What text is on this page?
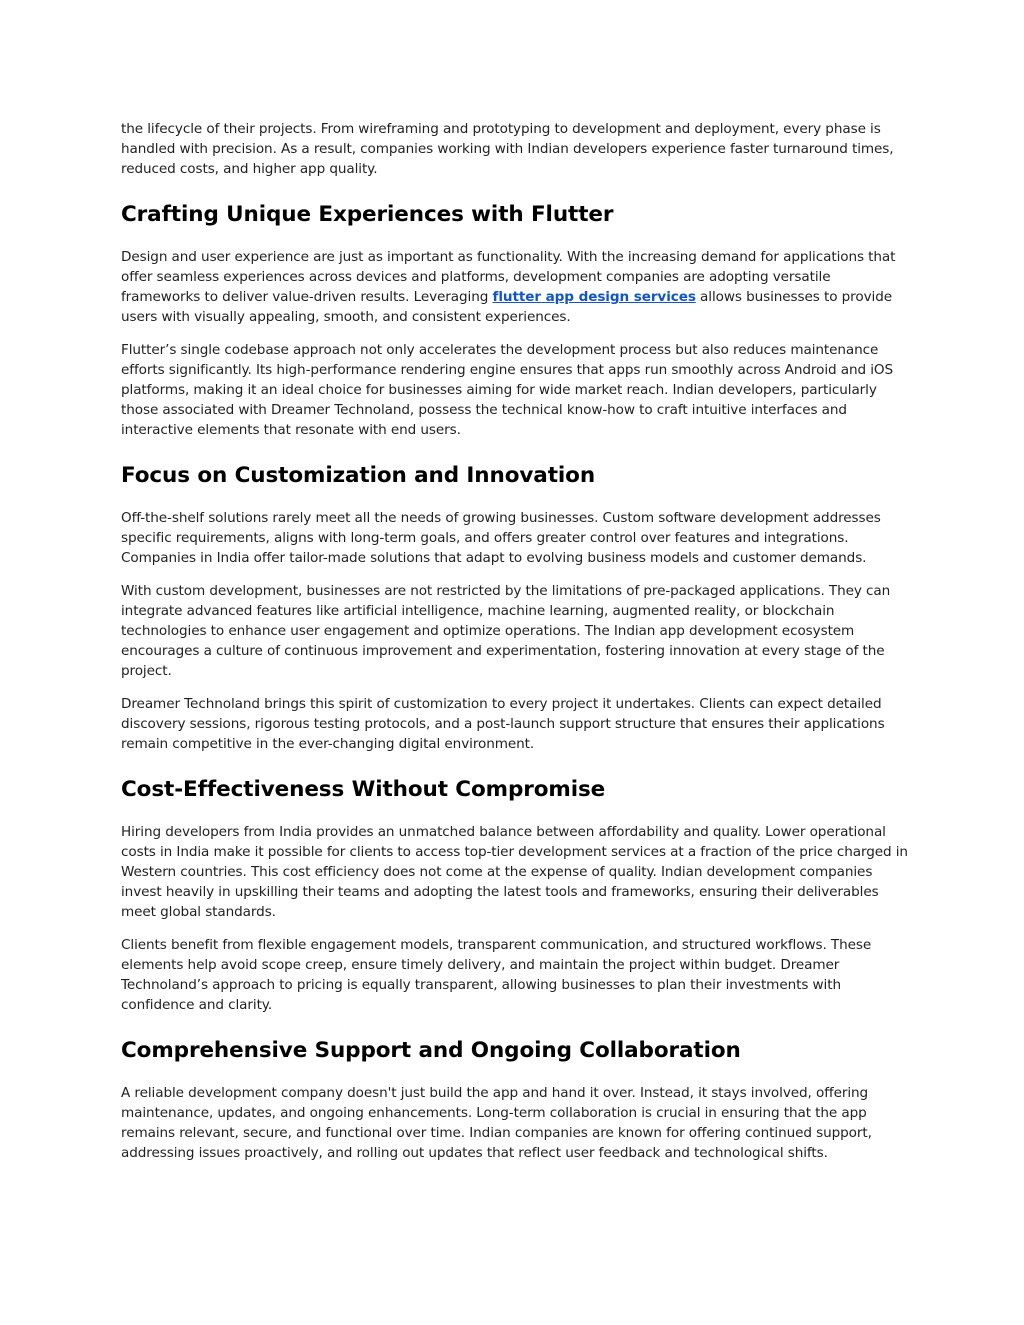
the lifecycle of their projects. From wireframing and prototyping to development and deployment, every phase is handled with precision. As a result, companies working with Indian developers experience faster turnaround times, reduced costs, and higher app quality.

Crafting Unique Experiences with Flutter

Design and user experience are just as important as functionality. With the increasing demand for applications that offer seamless experiences across devices and platforms, development companies are adopting versatile frameworks to deliver value-driven results. Leveraging flutter app design services allows businesses to provide users with visually appealing, smooth, and consistent experiences.

Flutter’s single codebase approach not only accelerates the development process but also reduces maintenance efforts significantly. Its high-performance rendering engine ensures that apps run smoothly across Android and iOS platforms, making it an ideal choice for businesses aiming for wide market reach. Indian developers, particularly those associated with Dreamer Technoland, possess the technical know-how to craft intuitive interfaces and interactive elements that resonate with end users.

Focus on Customization and Innovation

Off-the-shelf solutions rarely meet all the needs of growing businesses. Custom software development addresses specific requirements, aligns with long-term goals, and offers greater control over features and integrations. Companies in India offer tailor-made solutions that adapt to evolving business models and customer demands.

With custom development, businesses are not restricted by the limitations of pre-packaged applications. They can integrate advanced features like artificial intelligence, machine learning, augmented reality, or blockchain technologies to enhance user engagement and optimize operations. The Indian app development ecosystem encourages a culture of continuous improvement and experimentation, fostering innovation at every stage of the project.

Dreamer Technoland brings this spirit of customization to every project it undertakes. Clients can expect detailed discovery sessions, rigorous testing protocols, and a post-launch support structure that ensures their applications remain competitive in the ever-changing digital environment.

Cost-Effectiveness Without Compromise

Hiring developers from India provides an unmatched balance between affordability and quality. Lower operational costs in India make it possible for clients to access top-tier development services at a fraction of the price charged in Western countries. This cost efficiency does not come at the expense of quality. Indian development companies invest heavily in upskilling their teams and adopting the latest tools and frameworks, ensuring their deliverables meet global standards.

Clients benefit from flexible engagement models, transparent communication, and structured workflows. These elements help avoid scope creep, ensure timely delivery, and maintain the project within budget. Dreamer Technoland’s approach to pricing is equally transparent, allowing businesses to plan their investments with confidence and clarity.

Comprehensive Support and Ongoing Collaboration

A reliable development company doesn't just build the app and hand it over. Instead, it stays involved, offering maintenance, updates, and ongoing enhancements. Long-term collaboration is crucial in ensuring that the app remains relevant, secure, and functional over time. Indian companies are known for offering continued support, addressing issues proactively, and rolling out updates that reflect user feedback and technological shifts.
